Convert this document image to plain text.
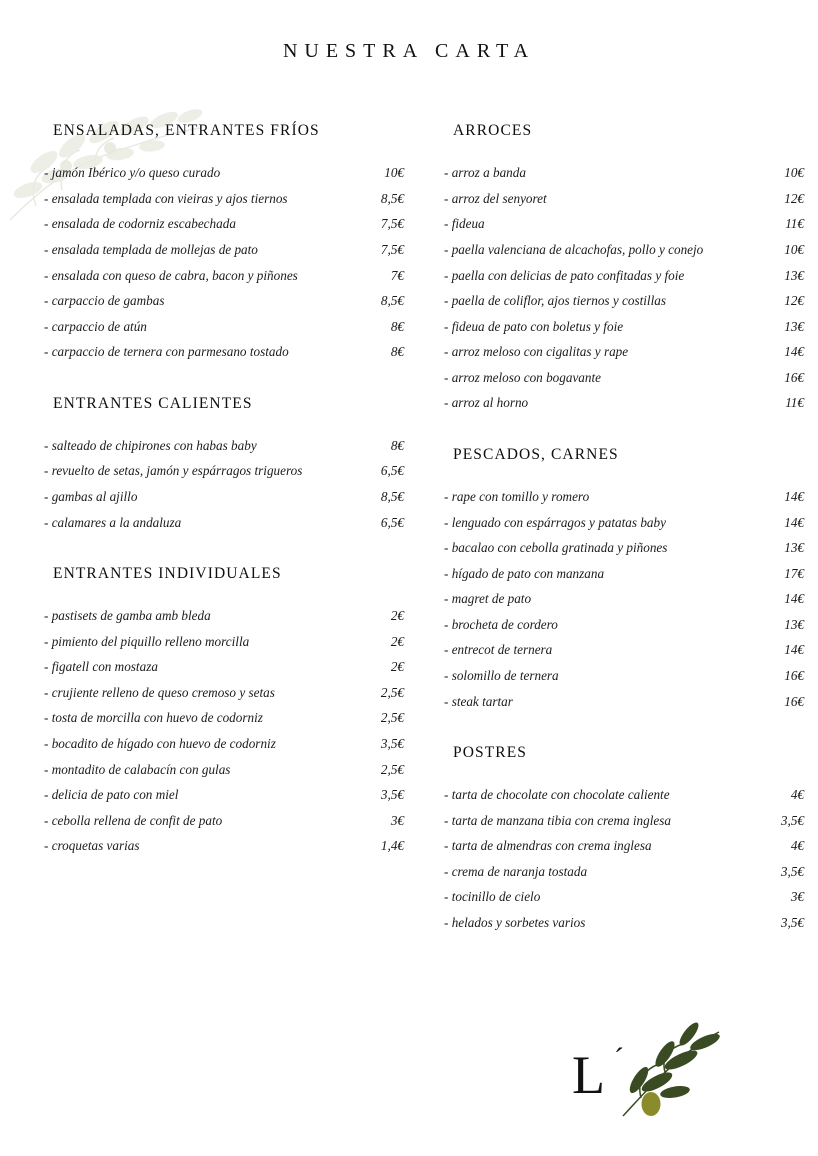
NUESTRA CARTA
ENSALADAS, ENTRANTES FRÍOS
- jamón Ibérico y/o queso curado	10€
- ensalada templada con vieiras y ajos tiernos	8,5€
- ensalada de codorniz escabechada	7,5€
- ensalada templada de mollejas de pato	7,5€
- ensalada con queso de cabra, bacon y piñones	7€
- carpaccio de gambas	8,5€
- carpaccio de atún	8€
- carpaccio de ternera con parmesano tostado	8€
ENTRANTES CALIENTES
- salteado de chipirones con habas baby	8€
- revuelto de setas, jamón y espárragos trigueros	6,5€
- gambas al ajillo	8,5€
- calamares a la andaluza	6,5€
ENTRANTES INDIVIDUALES
- pastisets de gamba amb bleda	2€
- pimiento del piquillo relleno morcilla	2€
- figatell con mostaza	2€
- crujiente relleno de queso cremoso y setas	2,5€
- tosta de morcilla con huevo de codorniz	2,5€
- bocadito de hígado con huevo de codorniz	3,5€
- montadito de calabacín con gulas	2,5€
- delicia de pato con miel	3,5€
- cebolla rellena de confit de pato	3€
- croquetas varias	1,4€
ARROCES
- arroz a banda	10€
- arroz del senyoret	12€
- fideua	11€
- paella valenciana de alcachofas, pollo y conejo	10€
- paella con delicias de pato confitadas y foie	13€
- paella de coliflor, ajos tiernos y costillas	12€
- fideua de pato con boletus y foie	13€
- arroz meloso con cigalitas y rape	14€
- arroz meloso con bogavante	16€
- arroz al horno	11€
PESCADOS, CARNES
- rape con tomillo y romero	14€
- lenguado con espárragos y patatas baby	14€
- bacalao con cebolla gratinada y piñones	13€
- hígado de pato con manzana	17€
- magret de pato	14€
- brocheta de cordero	13€
- entrecot de ternera	14€
- solomillo de ternera	16€
- steak tartar	16€
POSTRES
- tarta de chocolate con chocolate caliente	4€
- tarta de manzana tibia con crema inglesa	3,5€
- tarta de almendras con crema inglesa	4€
- crema de naranja tostada	3,5€
- tocinillo de cielo	3€
- helados y sorbetes varios	3,5€
L ´
